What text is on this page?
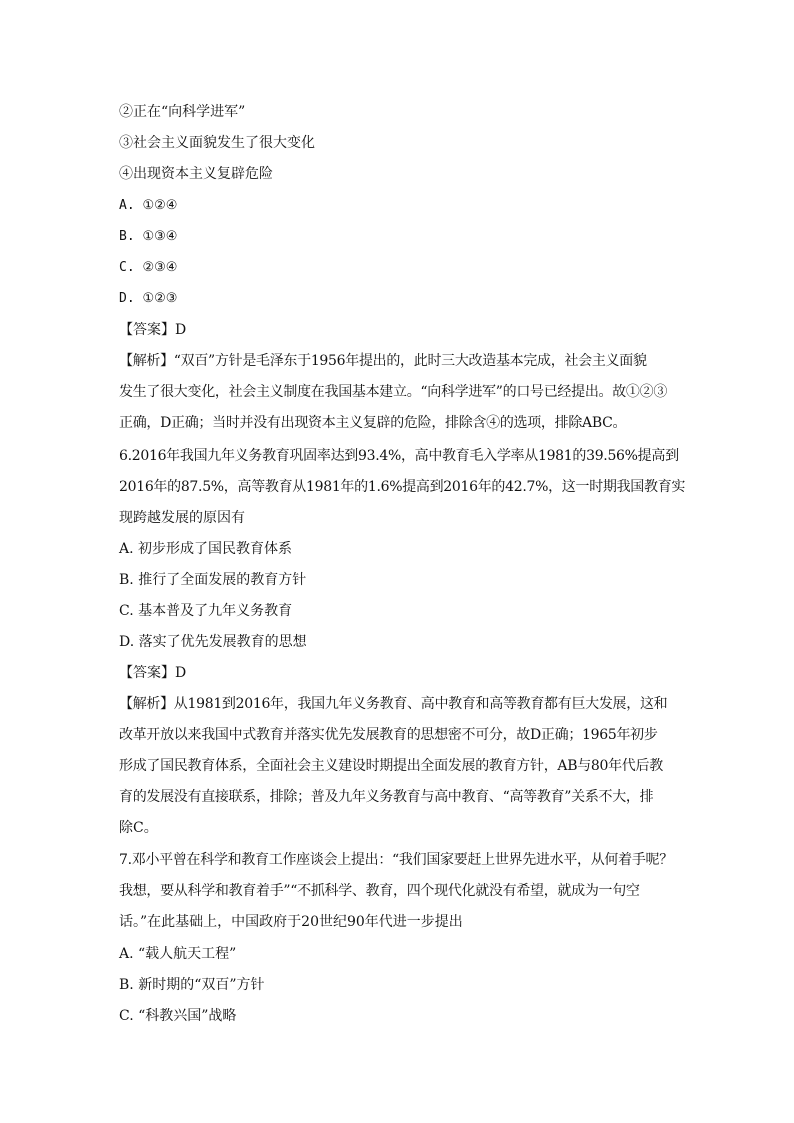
②正在“向科学进军”
③社会主义面貌发生了很大变化
④出现资本主义复辟危险
A. ①②④
B. ①③④
C. ②③④
D. ①②③
【答案】D
【解析】“双百”方针是毛泽东于1956年提出的，此时三大改造基本完成，社会主义面貌
发生了很大变化，社会主义制度在我国基本建立。“向科学进军”的口号已经提出。故①②③
正确，D正确；当时并没有出现资本主义复辟的危险，排除含④的选项，排除ABC。
6.2016年我国九年义务教育巩固率达到93.4%，高中教育毛入学率从1981的39.56%提高到
2016年的87.5%，高等教育从1981年的1.6%提高到2016年的42.7%，这一时期我国教育实
现跨越发展的原因有
A. 初步形成了国民教育体系
B. 推行了全面发展的教育方针
C. 基本普及了九年义务教育
D. 落实了优先发展教育的思想
【答案】D
【解析】从1981到2016年，我国九年义务教育、高中教育和高等教育都有巨大发展，这和
改革开放以来我国中式教育并落实优先发展教育的思想密不可分，故D正确；1965年初步
形成了国民教育体系，全面社会主义建设时期提出全面发展的教育方针，AB与80年代后教
育的发展没有直接联系，排除；普及九年义务教育与高中教育、“高等教育”关系不大，排
除C。
7.邓小平曾在科学和教育工作座谈会上提出：“我们国家要赶上世界先进水平，从何着手呢？
我想，要从科学和教育着手”“不抓科学、教育，四个现代化就没有希望，就成为一句空
话。”在此基础上，中国政府于20世纪90年代进一步提出
A. “载人航天工程”
B. 新时期的“双百”方针
C. “科教兴国”战略
